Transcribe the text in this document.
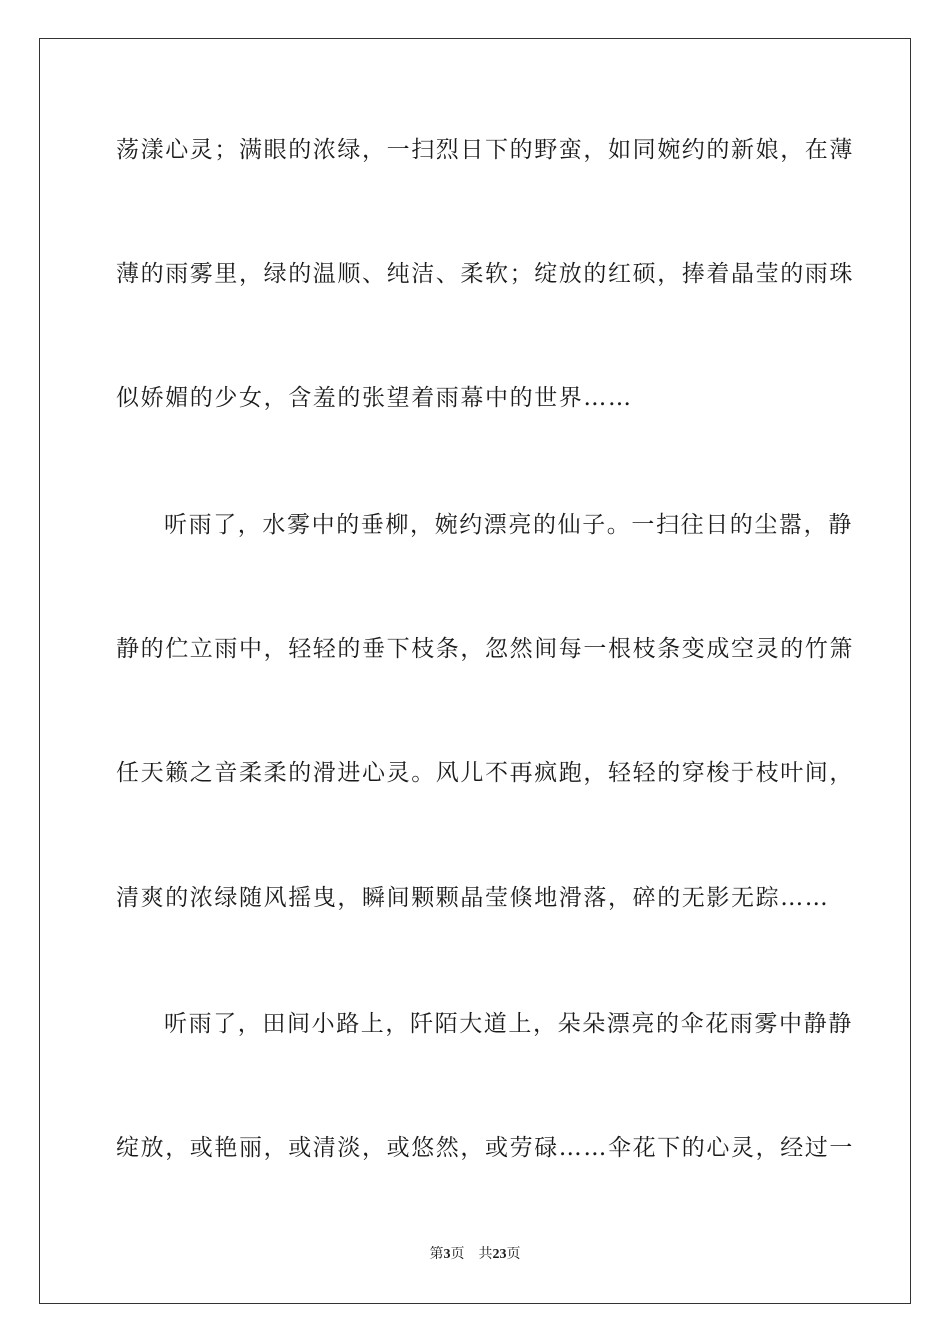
荡漾心灵；满眼的浓绿，一扫烈日下的野蛮，如同婉约的新娘，在薄
薄的雨雾里，绿的温顺、纯洁、柔软；绽放的红硕，捧着晶莹的雨珠
似娇媚的少女，含羞的张望着雨幕中的世界……
听雨了，水雾中的垂柳，婉约漂亮的仙子。一扫往日的尘嚣，静
静的伫立雨中，轻轻的垂下枝条，忽然间每一根枝条变成空灵的竹箫
任天籁之音柔柔的滑进心灵。风儿不再疯跑，轻轻的穿梭于枝叶间，
清爽的浓绿随风摇曳，瞬间颗颗晶莹倏地滑落，碎的无影无踪……
听雨了，田间小路上，阡陌大道上，朵朵漂亮的伞花雨雾中静静
绽放，或艳丽，或清淡，或悠然，或劳碌……伞花下的心灵，经过一
第3页 共23页
